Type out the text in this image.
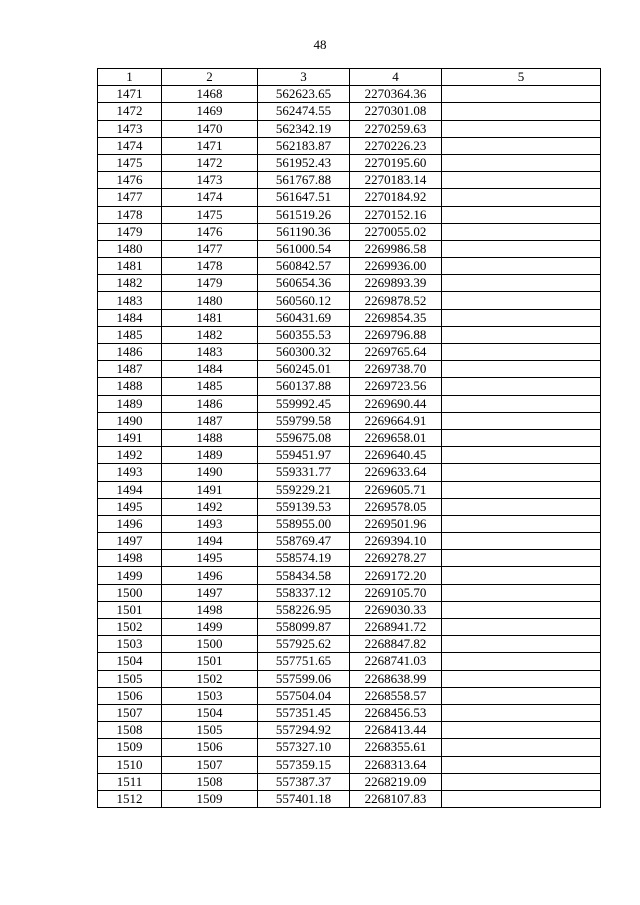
48
1	2	3	4	5
1471	1468	562623.65	2270364.36	
1472	1469	562474.55	2270301.08	
1473	1470	562342.19	2270259.63	
1474	1471	562183.87	2270226.23	
1475	1472	561952.43	2270195.60	
1476	1473	561767.88	2270183.14	
1477	1474	561647.51	2270184.92	
1478	1475	561519.26	2270152.16	
1479	1476	561190.36	2270055.02	
1480	1477	561000.54	2269986.58	
1481	1478	560842.57	2269936.00	
1482	1479	560654.36	2269893.39	
1483	1480	560560.12	2269878.52	
1484	1481	560431.69	2269854.35	
1485	1482	560355.53	2269796.88	
1486	1483	560300.32	2269765.64	
1487	1484	560245.01	2269738.70	
1488	1485	560137.88	2269723.56	
1489	1486	559992.45	2269690.44	
1490	1487	559799.58	2269664.91	
1491	1488	559675.08	2269658.01	
1492	1489	559451.97	2269640.45	
1493	1490	559331.77	2269633.64	
1494	1491	559229.21	2269605.71	
1495	1492	559139.53	2269578.05	
1496	1493	558955.00	2269501.96	
1497	1494	558769.47	2269394.10	
1498	1495	558574.19	2269278.27	
1499	1496	558434.58	2269172.20	
1500	1497	558337.12	2269105.70	
1501	1498	558226.95	2269030.33	
1502	1499	558099.87	2268941.72	
1503	1500	557925.62	2268847.82	
1504	1501	557751.65	2268741.03	
1505	1502	557599.06	2268638.99	
1506	1503	557504.04	2268558.57	
1507	1504	557351.45	2268456.53	
1508	1505	557294.92	2268413.44	
1509	1506	557327.10	2268355.61	
1510	1507	557359.15	2268313.64	
1511	1508	557387.37	2268219.09	
1512	1509	557401.18	2268107.83	
